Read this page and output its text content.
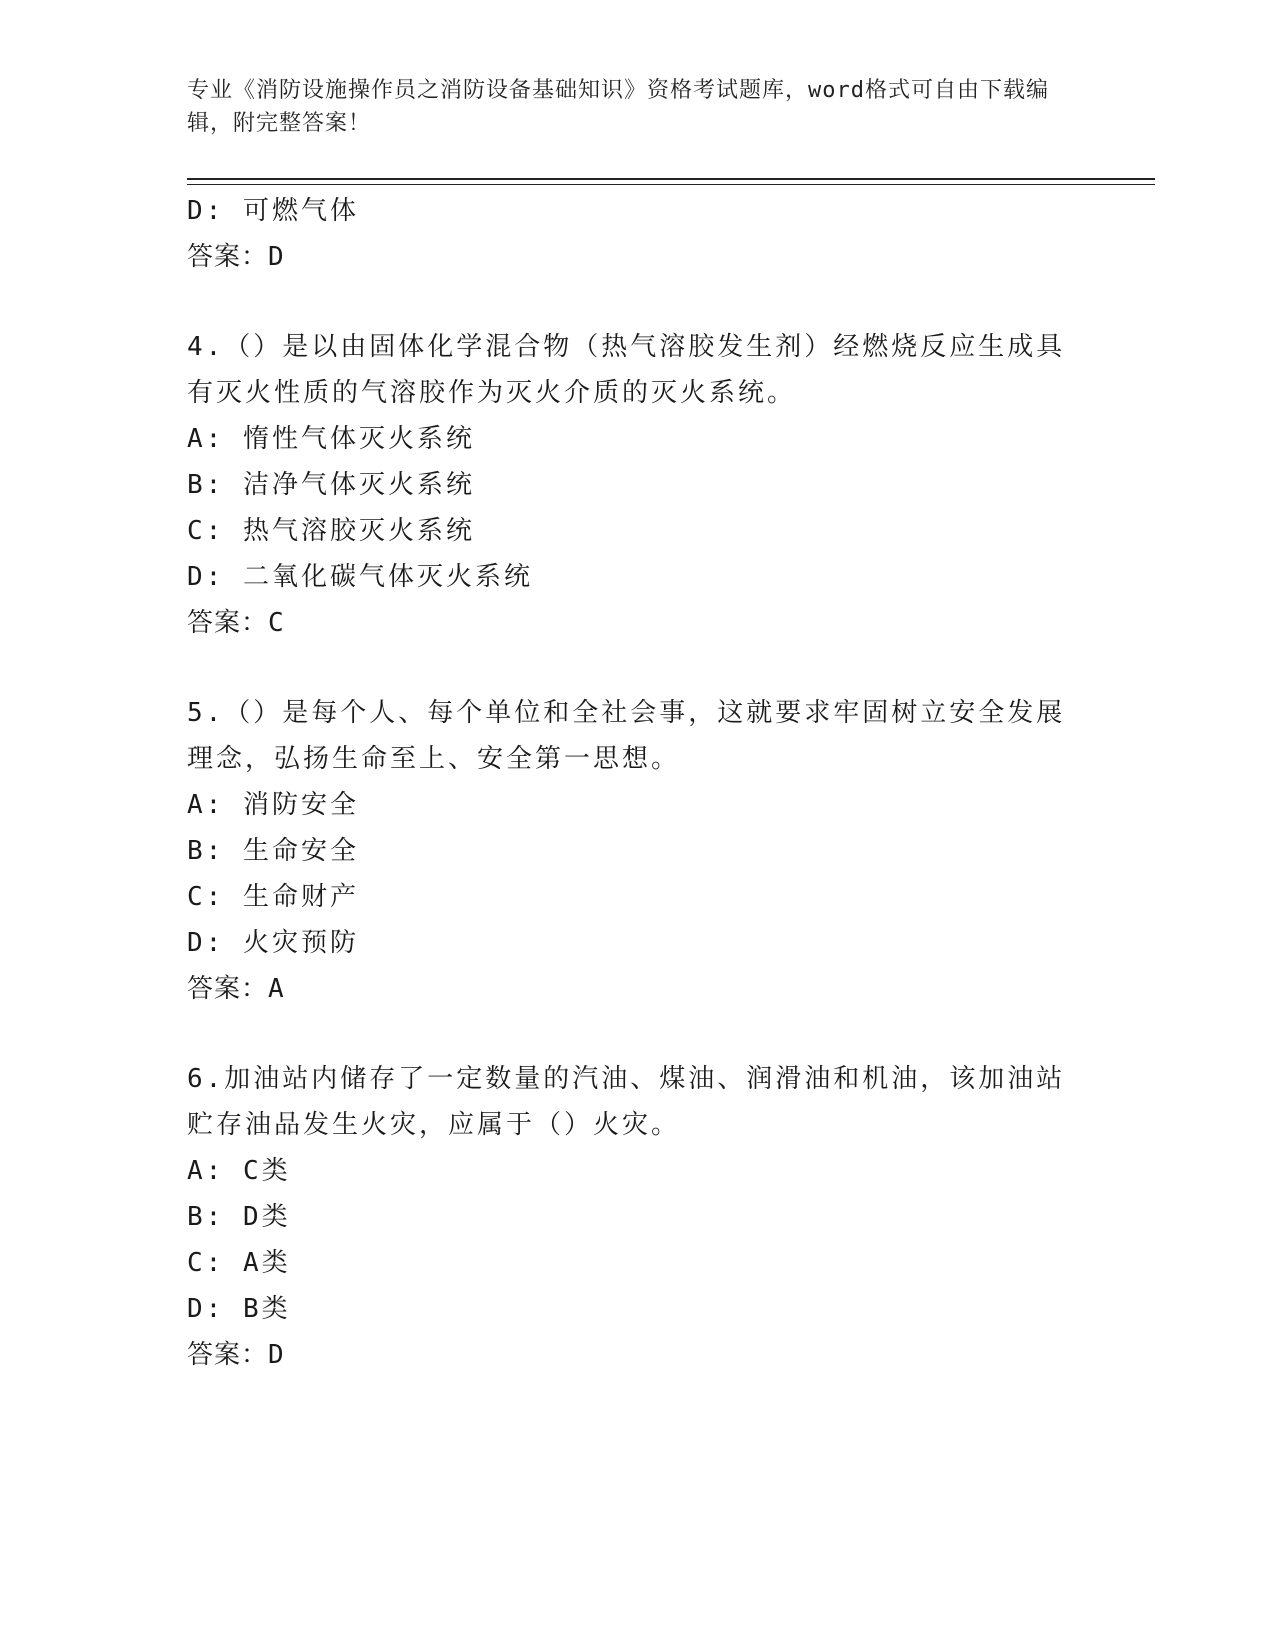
专业《消防设施操作员之消防设备基础知识》资格考试题库，word格式可自由下载编辑，附完整答案！
D: 可燃气体
答案：D
4.（）是以由固体化学混合物（热气溶胶发生剂）经燃烧反应生成具有灭火性质的气溶胶作为灭火介质的灭火系统。
A: 惰性气体灭火系统
B: 洁净气体灭火系统
C: 热气溶胶灭火系统
D: 二氧化碳气体灭火系统
答案：C
5.（）是每个人、每个单位和全社会事，这就要求牢固树立安全发展理念，弘扬生命至上、安全第一思想。
A: 消防安全
B: 生命安全
C: 生命财产
D: 火灾预防
答案：A
6.加油站内储存了一定数量的汽油、煤油、润滑油和机油，该加油站贮存油品发生火灾，应属于（）火灾。
A: C类
B: D类
C: A类
D: B类
答案：D
